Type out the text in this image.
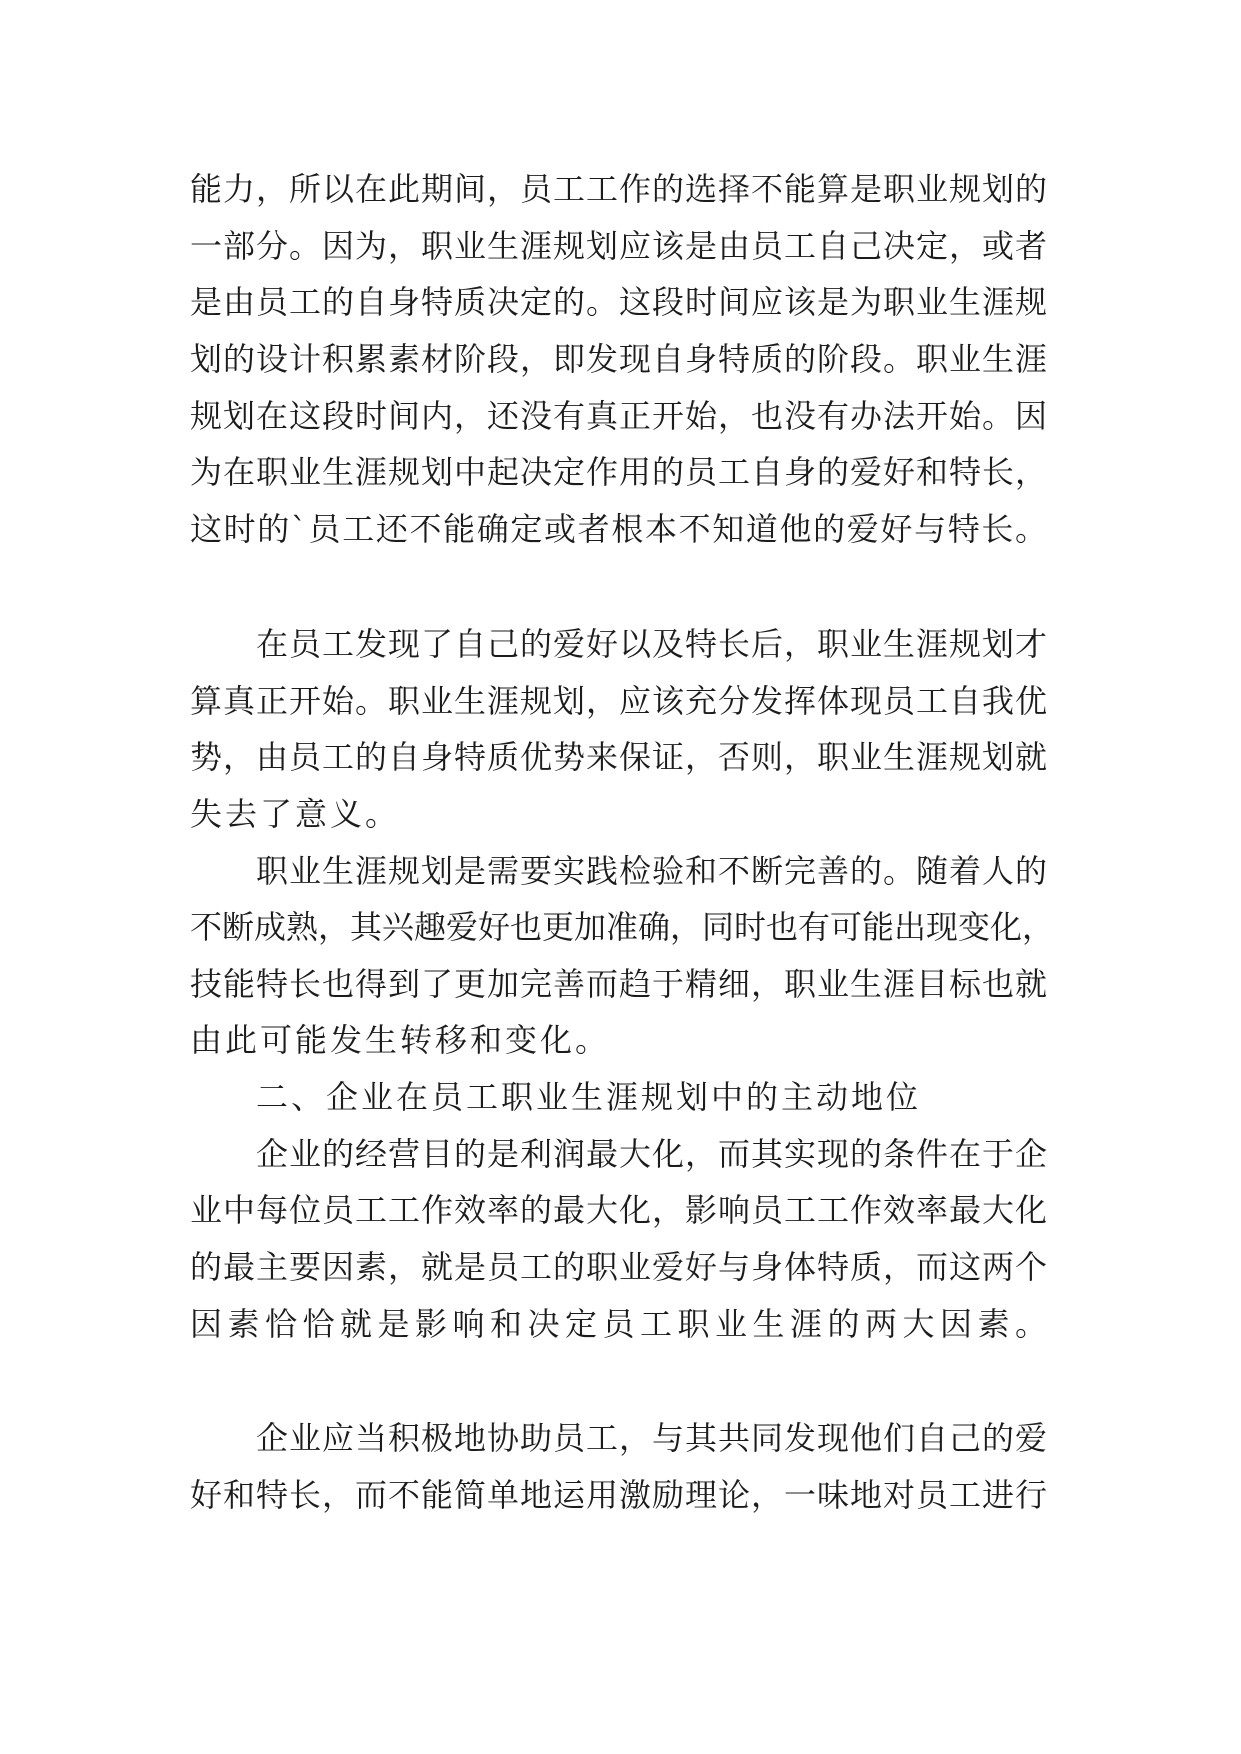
能力，所以在此期间，员工工作的选择不能算是职业规划的
一部分。因为，职业生涯规划应该是由员工自己决定，或者
是由员工的自身特质决定的。这段时间应该是为职业生涯规
划的设计积累素材阶段，即发现自身特质的阶段。职业生涯
规划在这段时间内，还没有真正开始，也没有办法开始。因
为在职业生涯规划中起决定作用的员工自身的爱好和特长，
这时的`员工还不能确定或者根本不知道他的爱好与特长。
在员工发现了自己的爱好以及特长后，职业生涯规划才
算真正开始。职业生涯规划，应该充分发挥体现员工自我优
势，由员工的自身特质优势来保证，否则，职业生涯规划就
失去了意义。
职业生涯规划是需要实践检验和不断完善的。随着人的
不断成熟，其兴趣爱好也更加准确，同时也有可能出现变化，
技能特长也得到了更加完善而趋于精细，职业生涯目标也就
由此可能发生转移和变化。
二、企业在员工职业生涯规划中的主动地位
企业的经营目的是利润最大化，而其实现的条件在于企
业中每位员工工作效率的最大化，影响员工工作效率最大化
的最主要因素，就是员工的职业爱好与身体特质，而这两个
因素恰恰就是影响和决定员工职业生涯的两大因素。
企业应当积极地协助员工，与其共同发现他们自己的爱
好和特长，而不能简单地运用激励理论，一味地对员工进行
